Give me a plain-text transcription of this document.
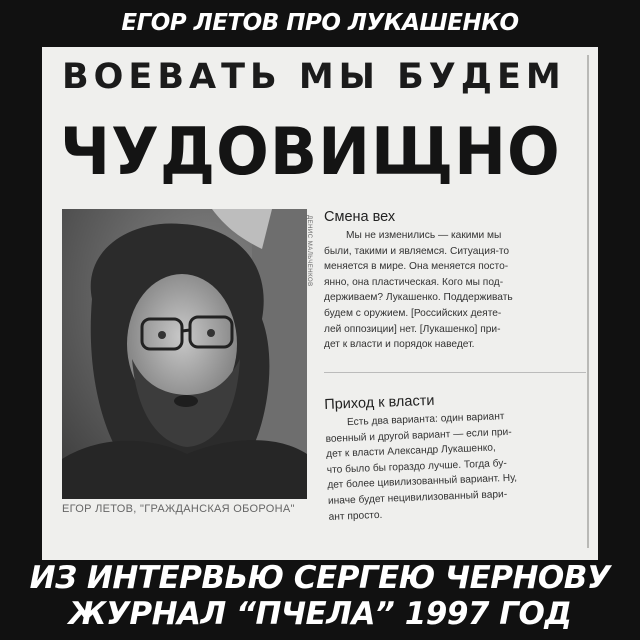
ЕГОР ЛЕТОВ ПРО ЛУКАШЕНКО
ВОЕВАТЬ МЫ БУДЕМ
ЧУДОВИЩНО
ДЕНИС МАЛЬЧЕНКОВ
ЕГОР ЛЕТОВ, "ГРАЖДАНСКАЯ ОБОРОНА"
Смена вех

Мы не изменились — какими мы

были, такими и являемся. Ситуация-то

меняется в мире. Она меняется посто-

янно, она пластическая. Кого мы под-

держиваем? Лукашенко. Поддерживать

будем с оружием. [Российских деяте-

лей оппозиции] нет. [Лукашенко] при-

дет к власти и порядок наведет.

Приход к власти

Есть два варианта: один вариант

военный и другой вариант — если при-

дет к власти Александр Лукашенко,

что было бы гораздо лучше. Тогда бу-

дет более цивилизованный вариант. Ну,

иначе будет нецивилизованный вари-

ант просто.

ИЗ ИНТЕРВЬЮ СЕРГЕЮ ЧЕРНОВУ
ЖУРНАЛ “ПЧЕЛА” 1997 ГОД
